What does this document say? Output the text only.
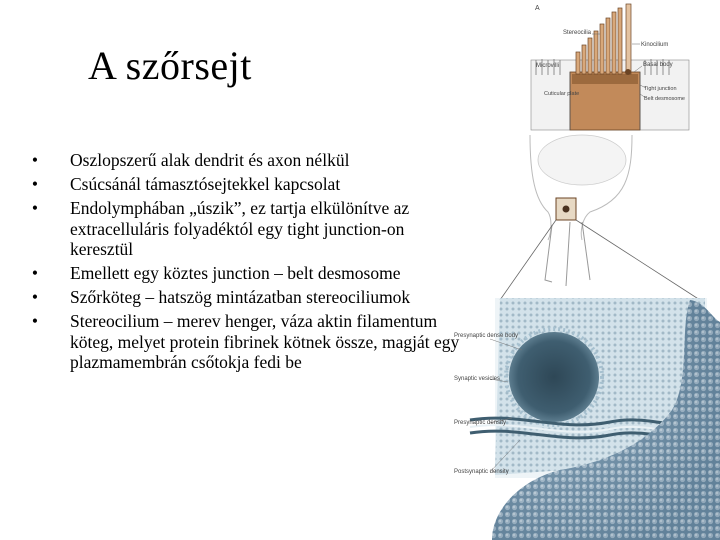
A szőrsejt
• Oszlopszerű alak dendrit és axon nélkül
• Csúcsánál támasztósejtekkel kapcsolat
• Endolymphában „úszik”, ez tartja elkülönítve az extracelluláris folyadéktól egy tight junction-on keresztül
• Emellett egy köztes junction – belt desmosome
• Szőrköteg – hatszög mintázatban stereociliumok
• Stereocilium – merev henger, váza aktin filamentum köteg, melyet protein fibrinek kötnek össze, magját egy plazmamembrán csőtokja fedi be
A
Stereocilia
Kinocilium
Microvilli	Basal body
Cuticular plate
Tight junction
Belt desmosome
Presynaptic dense body
Synaptic vesicles
Presynaptic density
Postsynaptic density
